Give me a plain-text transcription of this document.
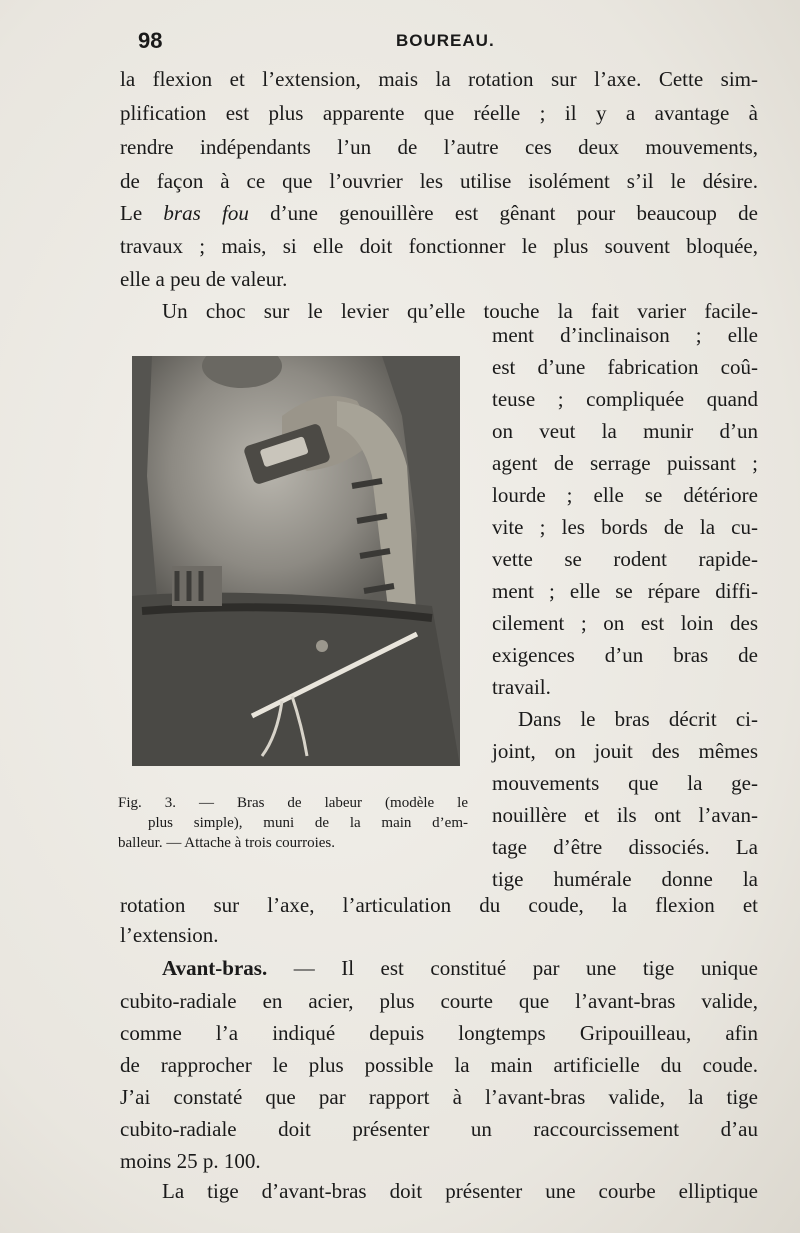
98	BOUREAU.
la flexion et l’extension, mais la rotation sur l’axe. Cette sim-
plification est plus apparente que réelle ; il y a avantage à
rendre indépendants l’un de l’autre ces deux mouvements,
de façon à ce que l’ouvrier les utilise isolément s’il le désire.
Le bras fou d’une genouillère est gênant pour beaucoup de
travaux ; mais, si elle doit fonctionner le plus souvent bloquée,
elle a peu de valeur.
Un choc sur le levier qu’elle touche la fait varier facile-
ment d’inclinaison ; elle
est d’une fabrication coû-
teuse ; compliquée quand
on veut la munir d’un
agent de serrage puissant ;
lourde ; elle se détériore
vite ; les bords de la cu-
vette se rodent rapide-
ment ; elle se répare diffi-
cilement ; on est loin des
exigences d’un bras de
travail.
Dans le bras décrit ci-
joint, on jouit des mêmes
mouvements que la ge-
nouillère et ils ont l’avan-
tage d’être dissociés. La
tige humérale donne la
Fig. 3. — Bras de labeur (modèle le
plus simple), muni de la main d’em-
balleur. — Attache à trois courroies.
rotation sur l’axe, l’articulation du coude, la flexion et
l’extension.
Avant-bras. — Il est constitué par une tige unique
cubito-radiale en acier, plus courte que l’avant-bras valide,
comme l’a indiqué depuis longtemps Gripouilleau, afin
de rapprocher le plus possible la main artificielle du coude.
J’ai constaté que par rapport à l’avant-bras valide, la tige
cubito-radiale doit présenter un raccourcissement d’au
moins 25 p. 100.
La tige d’avant-bras doit présenter une courbe elliptique
